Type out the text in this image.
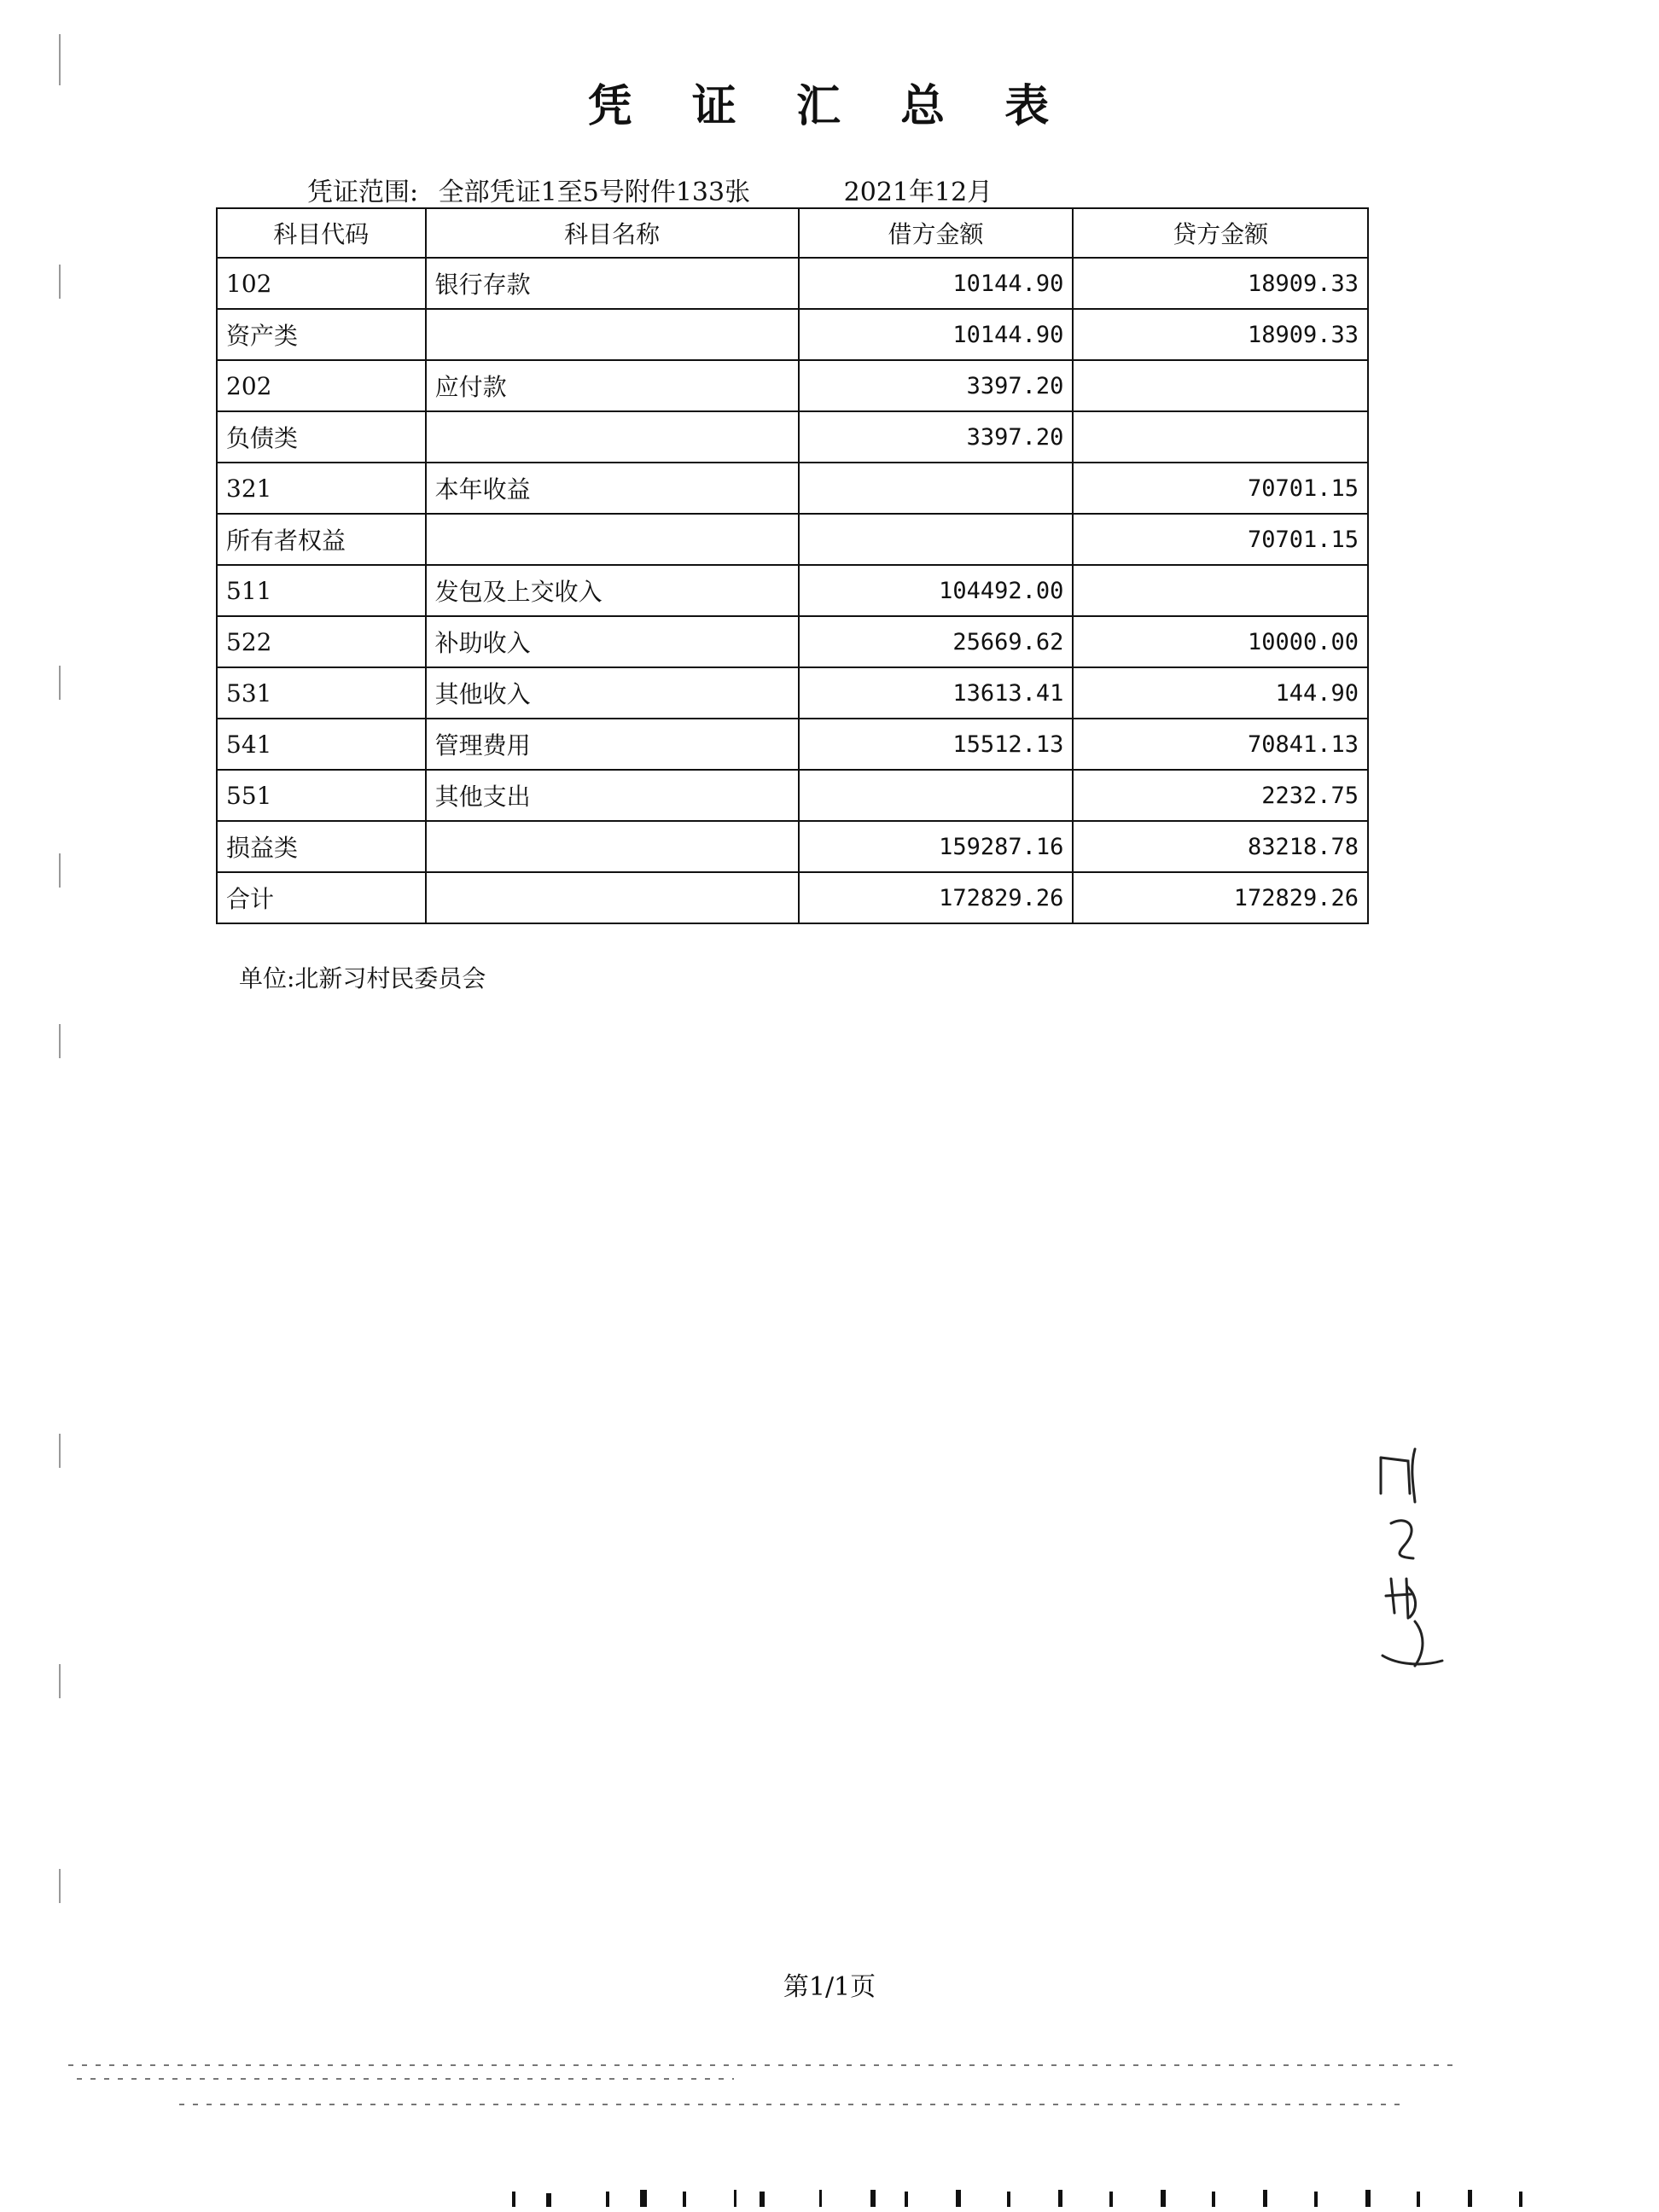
凭 证 汇 总 表
凭证范围: 全部凭证1至5号附件133张	2021年12月
科目代码	科目名称	借方金额	贷方金额
102	银行存款	10144.90	18909.33
资产类		10144.90	18909.33
202	应付款	3397.20	
负债类		3397.20	
321	本年收益		70701.15
所有者权益			70701.15
511	发包及上交收入	104492.00	
522	补助收入	25669.62	10000.00
531	其他收入	13613.41	144.90
541	管理费用	15512.13	70841.13
551	其他支出		2232.75
损益类		159287.16	83218.78
合计		172829.26	172829.26
单位:北新习村民委员会
第1/1页
